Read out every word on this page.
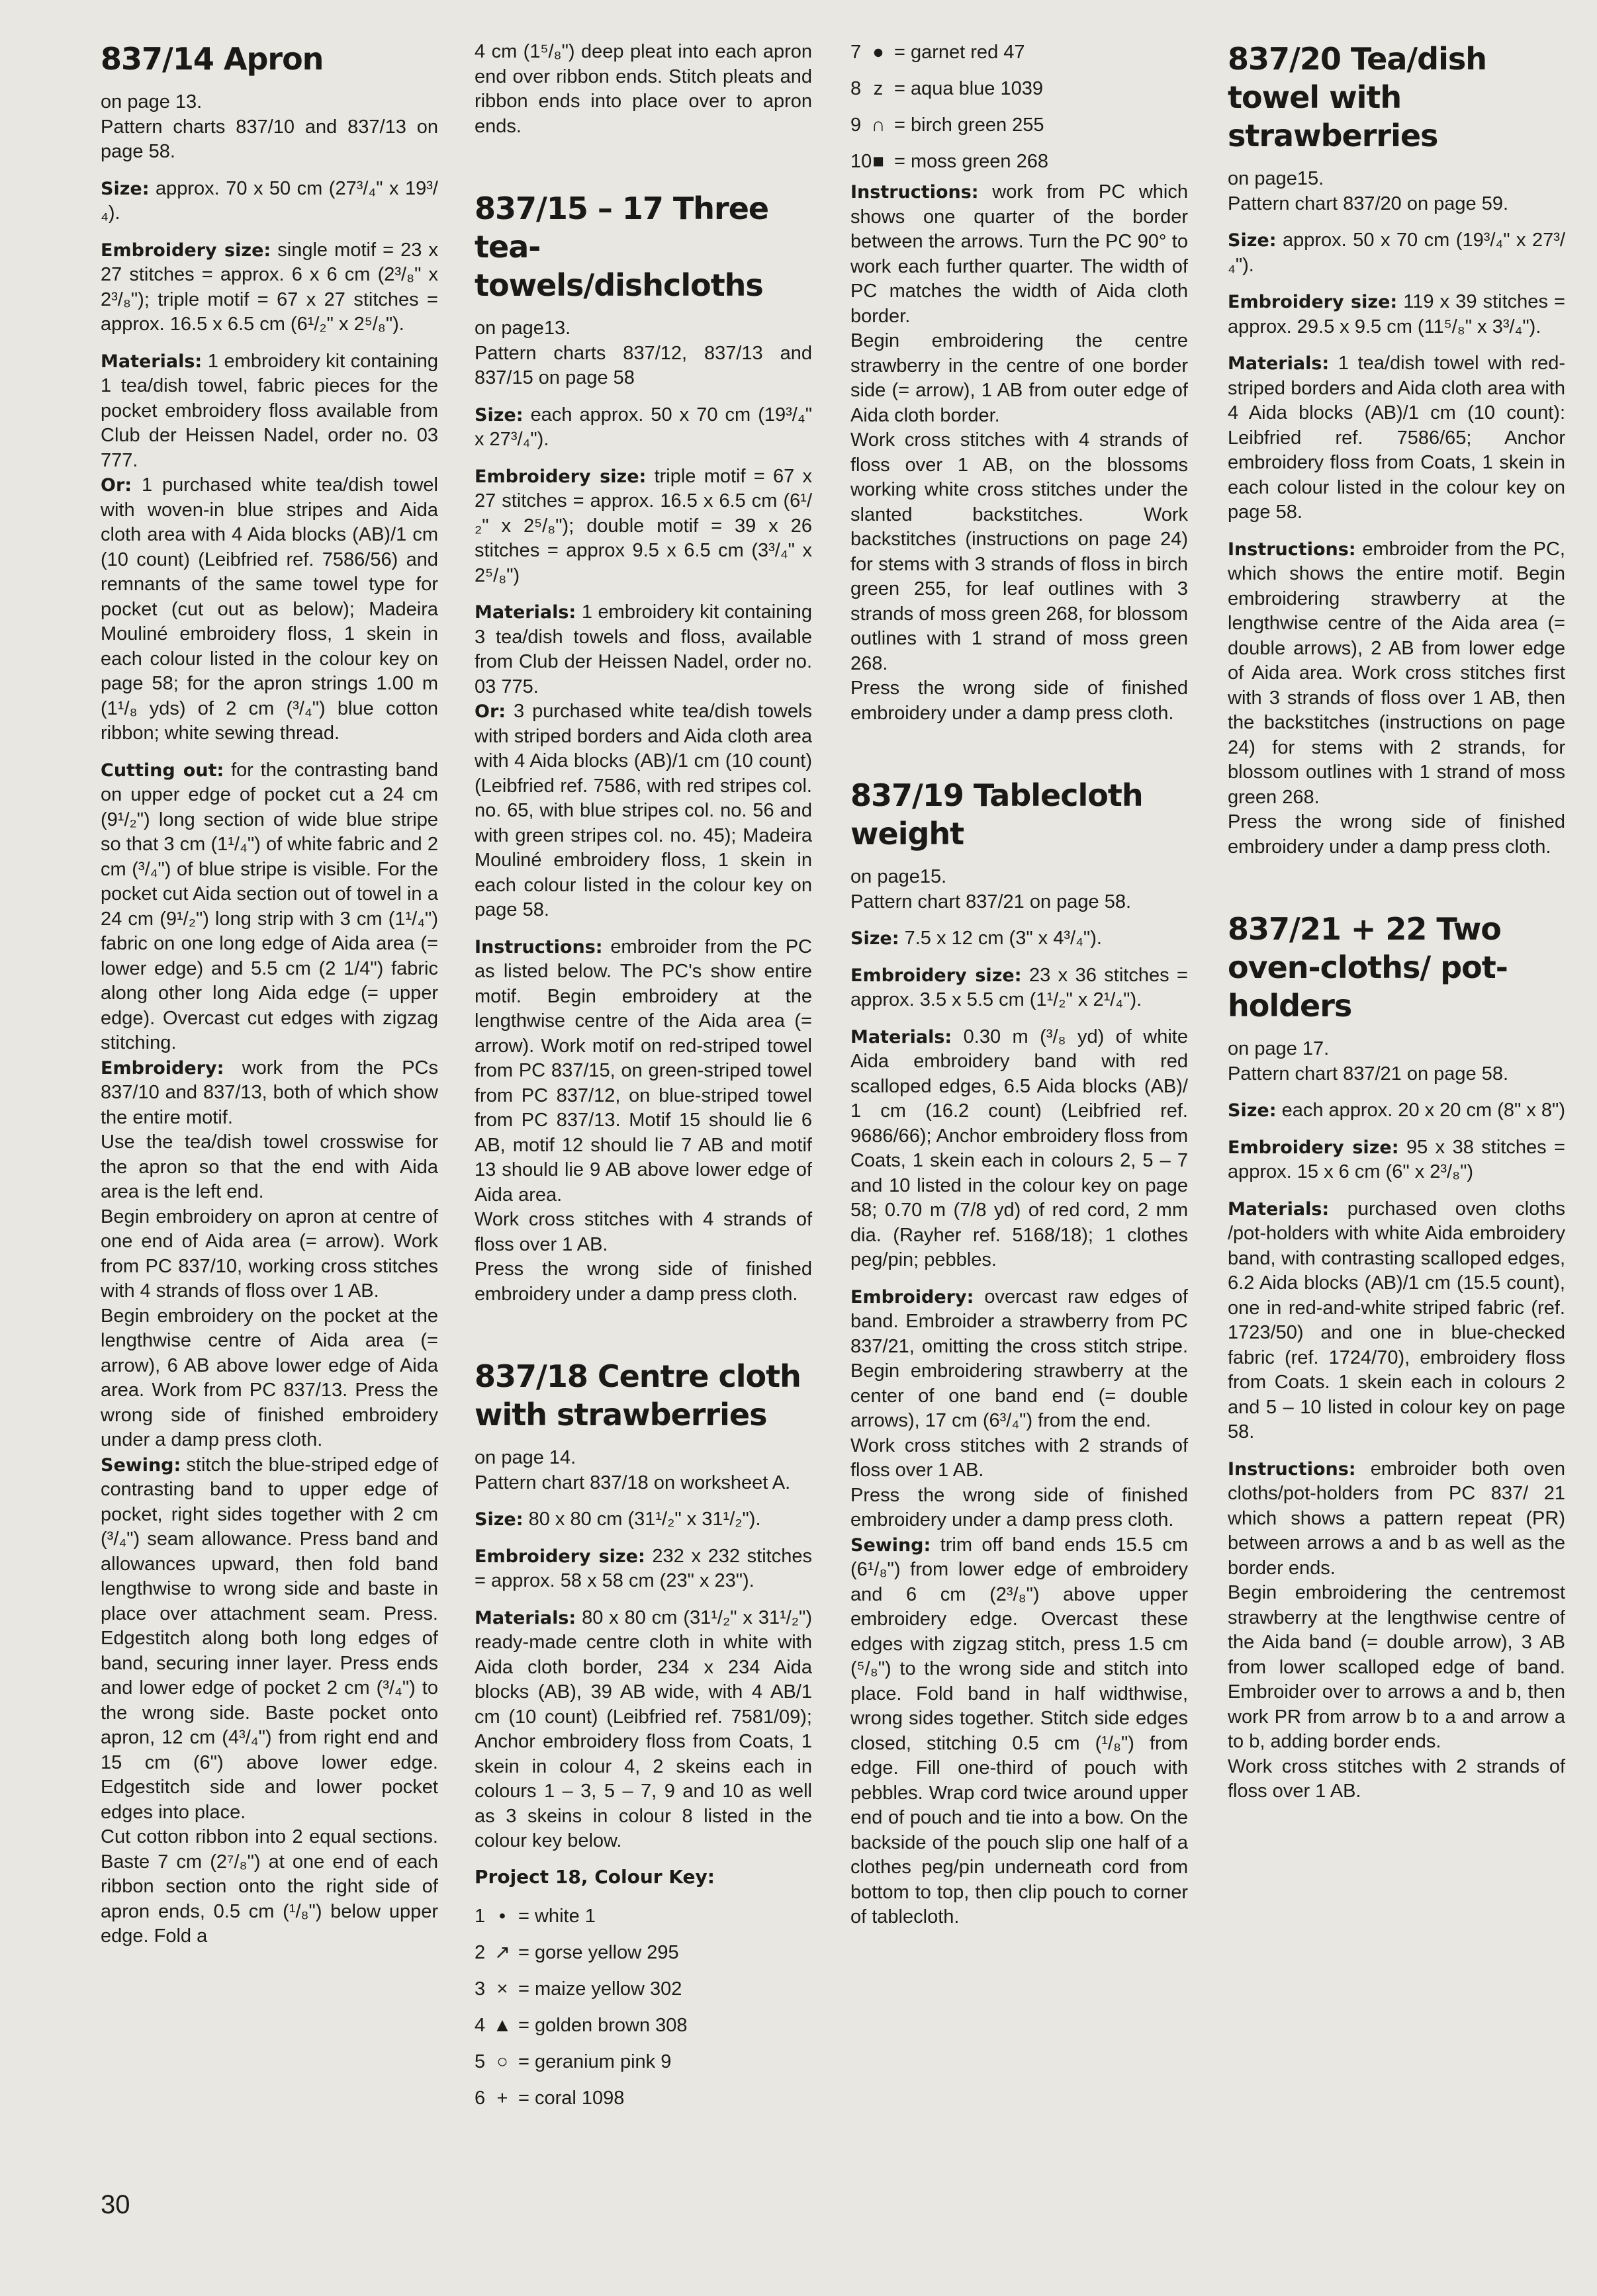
837/14 Apron

on page 13.

Pattern charts 837/10 and 837/13 on page 58.

Size: approx. 70 x 50 cm (27³/₄" x 19³/₄).

Embroidery size: single motif = 23 x 27 stitches = approx. 6 x 6 cm (2³/₈" x 2³/₈"); triple motif = 67 x 27 stitches = approx. 16.5 x 6.5 cm (6¹/₂" x 2⁵/₈").

Materials: 1 embroidery kit containing 1 tea/dish towel, fabric pieces for the pocket embroidery floss available from Club der Heissen Nadel, order no. 03 777.

Or: 1 purchased white tea/dish towel with woven-in blue stripes and Aida cloth area with 4 Aida blocks (AB)/1 cm (10 count) (Leibfried ref. 7586/56) and remnants of the same towel type for pocket (cut out as below); Madeira Mouliné embroidery floss, 1 skein in each colour listed in the colour key on page 58; for the apron strings 1.00 m (1¹/₈ yds) of 2 cm (³/₄") blue cotton ribbon; white sewing thread.

Cutting out: for the contrasting band on upper edge of pocket cut a 24 cm (9¹/₂") long section of wide blue stripe so that 3 cm (1¹/₄") of white fabric and 2 cm (³/₄") of blue stripe is visible. For the pocket cut Aida section out of towel in a 24 cm (9¹/₂") long strip with 3 cm (1¹/₄") fabric on one long edge of Aida area (= lower edge) and 5.5 cm (2 1/4") fabric along other long Aida edge (= upper edge). Overcast cut edges with zigzag stitching.

Embroidery: work from the PCs 837/10 and 837/13, both of which show the entire motif.

Use the tea/dish towel crosswise for the apron so that the end with Aida area is the left end.

Begin embroidery on apron at centre of one end of Aida area (= arrow). Work from PC 837/10, working cross stitches with 4 strands of floss over 1 AB.

Begin embroidery on the pocket at the lengthwise centre of Aida area (= arrow), 6 AB above lower edge of Aida area. Work from PC 837/13. Press the wrong side of finished embroidery under a damp press cloth.

Sewing: stitch the blue-striped edge of contrasting band to upper edge of pocket, right sides together with 2 cm (³/₄") seam allowance. Press band and allowances upward, then fold band lengthwise to wrong side and baste in place over attachment seam. Press. Edgestitch along both long edges of band, securing inner layer. Press ends and lower edge of pocket 2 cm (³/₄") to the wrong side. Baste pocket onto apron, 12 cm (4³/₄") from right end and 15 cm (6") above lower edge. Edgestitch side and lower pocket edges into place.

Cut cotton ribbon into 2 equal sections. Baste 7 cm (2⁷/₈") at one end of each ribbon section onto the right side of apron ends, 0.5 cm (¹/₈") below upper edge. Fold a

4 cm (1⁵/₈") deep pleat into each apron end over ribbon ends. Stitch pleats and ribbon ends into place over to apron ends.

837/15 – 17 Three tea-towels/dishcloths

on page13.

Pattern charts 837/12, 837/13 and 837/15 on page 58

Size: each approx. 50 x 70 cm (19³/₄" x 27³/₄").

Embroidery size: triple motif = 67 x 27 stitches = approx. 16.5 x 6.5 cm (6¹/₂" x 2⁵/₈"); double motif = 39 x 26 stitches = approx 9.5 x 6.5 cm (3³/₄" x 2⁵/₈")

Materials: 1 embroidery kit containing 3 tea/dish towels and floss, available from Club der Heissen Nadel, order no. 03 775.

Or: 3 purchased white tea/dish towels with striped borders and Aida cloth area with 4 Aida blocks (AB)/1 cm (10 count) (Leibfried ref. 7586, with red stripes col. no. 65, with blue stripes col. no. 56 and with green stripes col. no. 45); Madeira Mouliné embroidery floss, 1 skein in each colour listed in the colour key on page 58.

Instructions: embroider from the PC as listed below. The PC's show entire motif. Begin embroidery at the lengthwise centre of the Aida area (= arrow). Work motif on red-striped towel from PC 837/15, on green-striped towel from PC 837/12, on blue-striped towel from PC 837/13. Motif 15 should lie 6 AB, motif 12 should lie 7 AB and motif 13 should lie 9 AB above lower edge of Aida area.

Work cross stitches with 4 strands of floss over 1 AB.

Press the wrong side of finished embroidery under a damp press cloth.

837/18 Centre cloth with strawberries

on page 14.

Pattern chart 837/18 on worksheet A.

Size: 80 x 80 cm (31¹/₂" x 31¹/₂").

Embroidery size: 232 x 232 stitches = approx. 58 x 58 cm (23" x 23").

Materials: 80 x 80 cm (31¹/₂" x 31¹/₂") ready-made centre cloth in white with Aida cloth border, 234 x 234 Aida blocks (AB), 39 AB wide, with 4 AB/1 cm (10 count) (Leibfried ref. 7581/09); Anchor embroidery floss from Coats, 1 skein in colour 4, 2 skeins each in colours 1 – 3, 5 – 7, 9 and 10 as well as 3 skeins in colour 8 listed in the colour key below.

Project 18, Colour Key:
1 • = white 1
2 ↗ = gorse yellow 295
3 × = maize yellow 302
4 ▲ = golden brown 308
5 ○ = geranium pink 9
6 + = coral 1098
7 ● = garnet red 47
8 z = aqua blue 1039
9 ∩ = birch green 255
10 ■ = moss green 268

Instructions: work from PC which shows one quarter of the border between the arrows. Turn the PC 90° to work each further quarter. The width of PC matches the width of Aida cloth border.

Begin embroidering the centre strawberry in the centre of one border side (= arrow), 1 AB from outer edge of Aida cloth border.

Work cross stitches with 4 strands of floss over 1 AB, on the blossoms working white cross stitches under the slanted backstitches. Work backstitches (instructions on page 24) for stems with 3 strands of floss in birch green 255, for leaf outlines with 3 strands of moss green 268, for blossom outlines with 1 strand of moss green 268.

Press the wrong side of finished embroidery under a damp press cloth.

837/19 Tablecloth weight

on page15.

Pattern chart 837/21 on page 58.

Size: 7.5 x 12 cm (3" x 4³/₄").

Embroidery size: 23 x 36 stitches = approx. 3.5 x 5.5 cm (1¹/₂" x 2¹/₄").

Materials: 0.30 m (³/₈ yd) of white Aida embroidery band with red scalloped edges, 6.5 Aida blocks (AB)/ 1 cm (16.2 count) (Leibfried ref. 9686/66); Anchor embroidery floss from Coats, 1 skein each in colours 2, 5 – 7 and 10 listed in the colour key on page 58; 0.70 m (7/8 yd) of red cord, 2 mm dia. (Rayher ref. 5168/18); 1 clothes peg/pin; pebbles.

Embroidery: overcast raw edges of band. Embroider a strawberry from PC 837/21, omitting the cross stitch stripe. Begin embroidering strawberry at the center of one band end (= double arrows), 17 cm (6³/₄") from the end.

Work cross stitches with 2 strands of floss over 1 AB.

Press the wrong side of finished embroidery under a damp press cloth.

Sewing: trim off band ends 15.5 cm (6¹/₈") from lower edge of embroidery and 6 cm (2³/₈") above upper embroidery edge. Overcast these edges with zigzag stitch, press 1.5 cm (⁵/₈") to the wrong side and stitch into place. Fold band in half widthwise, wrong sides together. Stitch side edges closed, stitching 0.5 cm (¹/₈") from edge. Fill one-third of pouch with pebbles. Wrap cord twice around upper end of pouch and tie into a bow. On the backside of the pouch slip one half of a clothes peg/pin underneath cord from bottom to top, then clip pouch to corner of tablecloth.

837/20 Tea/dish towel with strawberries

on page15.

Pattern chart 837/20 on page 59.

Size: approx. 50 x 70 cm (19³/₄" x 27³/₄").

Embroidery size: 119 x 39 stitches = approx. 29.5 x 9.5 cm (11⁵/₈" x 3³/₄").

Materials: 1 tea/dish towel with red-striped borders and Aida cloth area with 4 Aida blocks (AB)/1 cm (10 count): Leibfried ref. 7586/65; Anchor embroidery floss from Coats, 1 skein in each colour listed in the colour key on page 58.

Instructions: embroider from the PC, which shows the entire motif. Begin embroidering strawberry at the lengthwise centre of the Aida area (= double arrows), 2 AB from lower edge of Aida area. Work cross stitches first with 3 strands of floss over 1 AB, then the backstitches (instructions on page 24) for stems with 2 strands, for blossom outlines with 1 strand of moss green 268.

Press the wrong side of finished embroidery under a damp press cloth.

837/21 + 22 Two oven-cloths/ pot-holders

on page 17.

Pattern chart 837/21 on page 58.

Size: each approx. 20 x 20 cm (8" x 8")

Embroidery size: 95 x 38 stitches = approx. 15 x 6 cm (6" x 2³/₈")

Materials: purchased oven cloths /pot-holders with white Aida embroidery band, with contrasting scalloped edges, 6.2 Aida blocks (AB)/1 cm (15.5 count), one in red-and-white striped fabric (ref. 1723/50) and one in blue-checked fabric (ref. 1724/70), embroidery floss from Coats. 1 skein each in colours 2 and 5 – 10 listed in colour key on page 58.

Instructions: embroider both oven cloths/pot-holders from PC 837/ 21 which shows a pattern repeat (PR) between arrows a and b as well as the border ends.

Begin embroidering the centremost strawberry at the lengthwise centre of the Aida band (= double arrow), 3 AB from lower scalloped edge of band. Embroider over to arrows a and b, then work PR from arrow b to a and arrow a to b, adding border ends.

Work cross stitches with 2 strands of floss over 1 AB.

30
